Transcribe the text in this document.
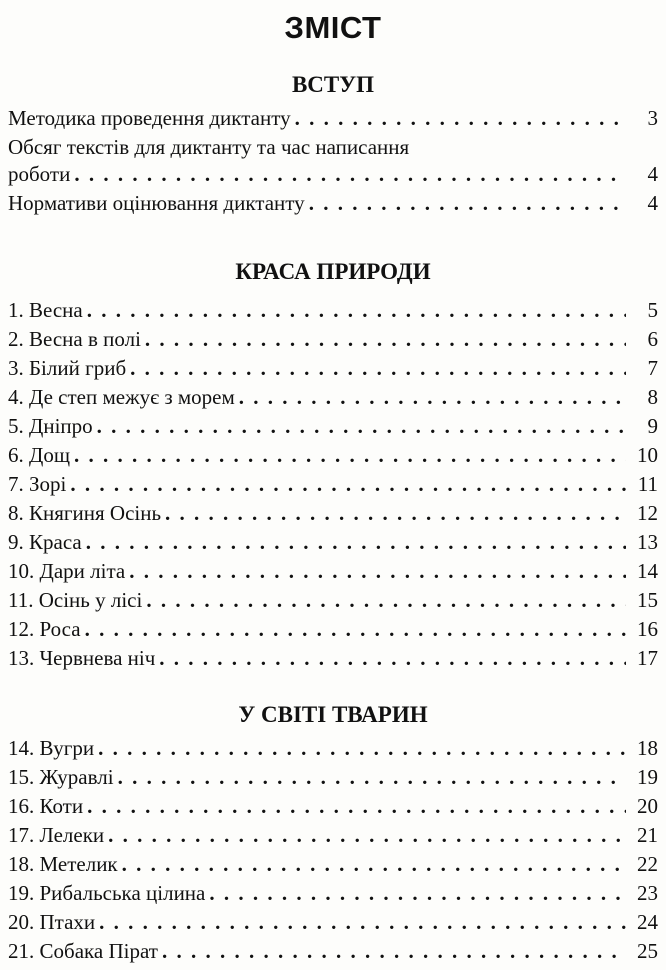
ЗМІСТ
ВСТУП
Методика проведення диктанту . . .	3
Обсяг текстів для диктанту та час написання
роботи . . .	4
Нормативи оцінювання диктанту . . .	4
КРАСА ПРИРОДИ
1. Весна . . .	5
2. Весна в полі . . .	6
3. Білий гриб . . .	7
4. Де степ межує з морем . . .	8
5. Дніпро . . .	9
6. Дощ . . .	10
7. Зорі . . .	11
8. Княгиня Осінь . . .	12
9. Краса . . .	13
10. Дари літа . . .	14
11. Осінь у лісі . . .	15
12. Роса . . .	16
13. Червнева ніч . . .	17
У СВІТІ ТВАРИН
14. Вугри . . .	18
15. Журавлі . . .	19
16. Коти . . .	20
17. Лелеки . . .	21
18. Метелик . . .	22
19. Рибальська цілина . . .	23
20. Птахи . . .	24
21. Собака Пірат . . .	25
